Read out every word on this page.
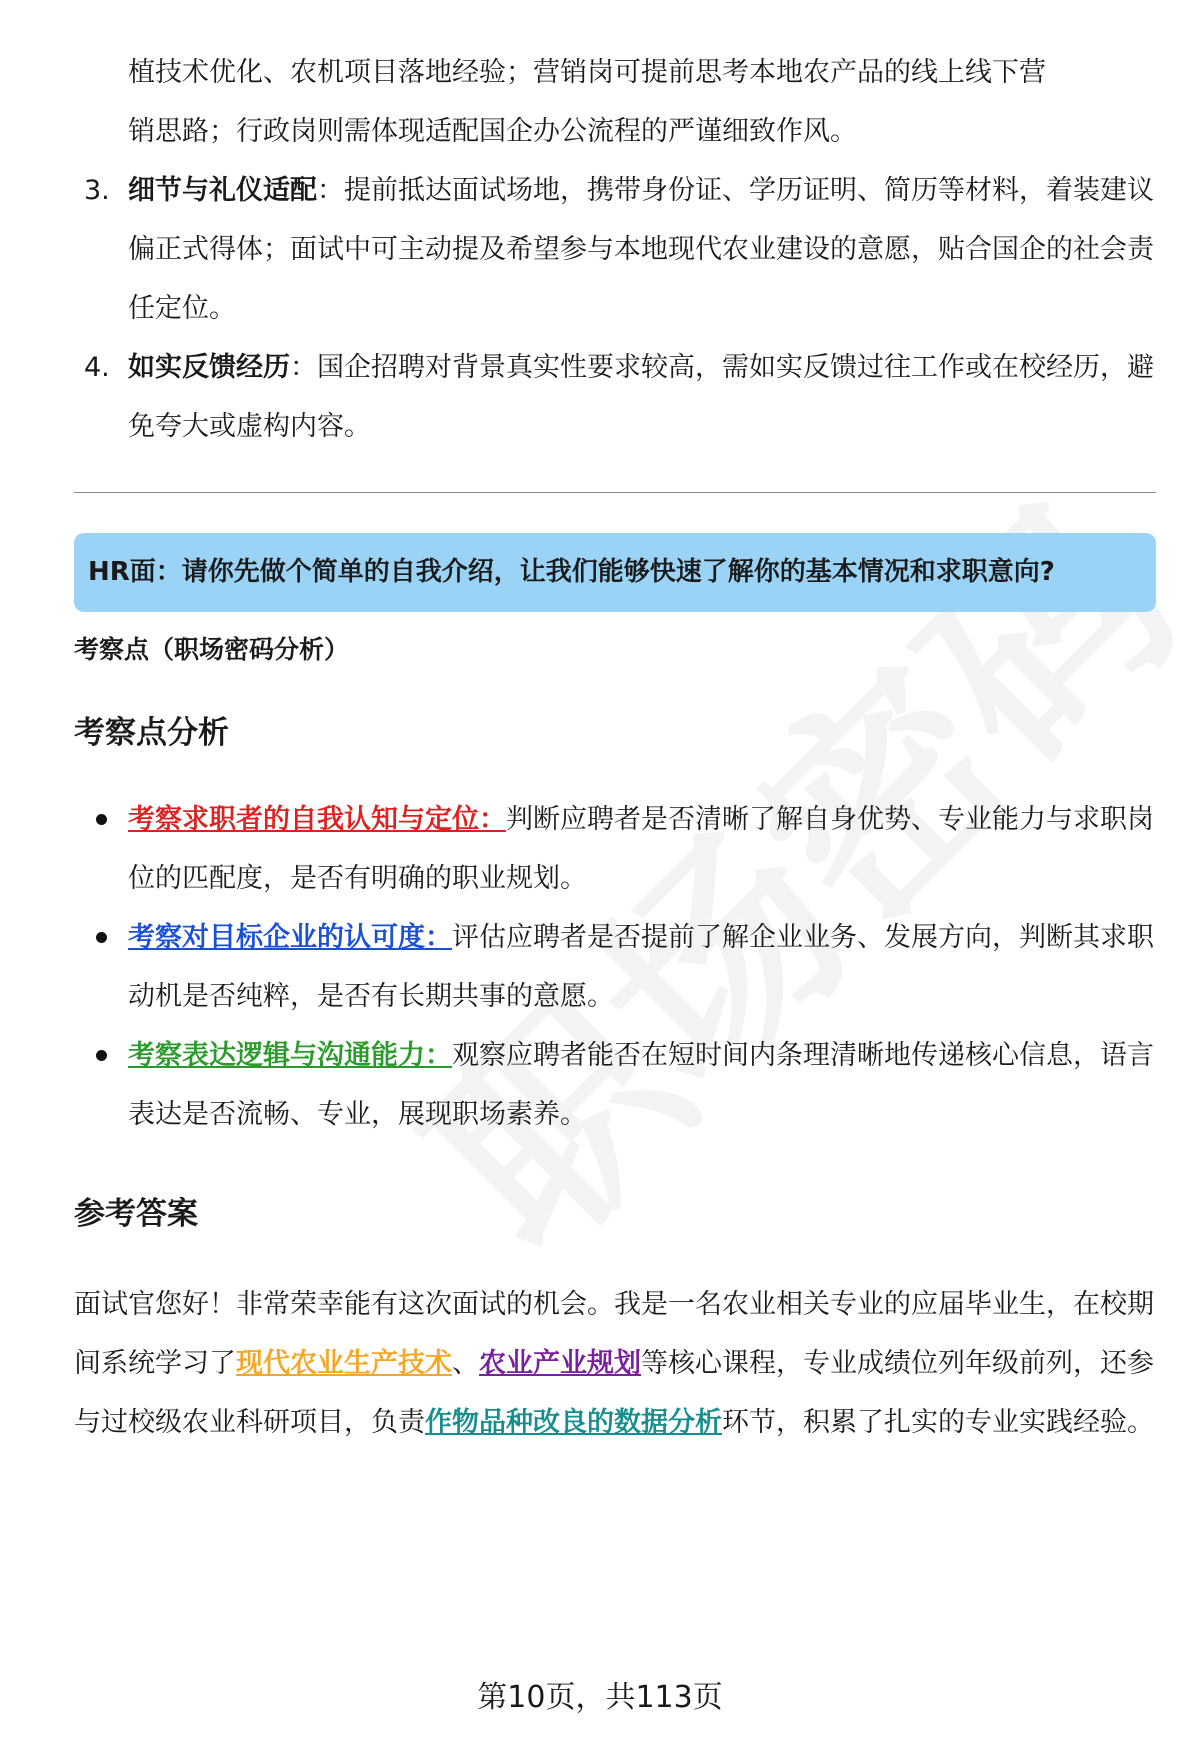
植技术优化、农机项目落地经验；营销岗可提前思考本地农产品的线上线下营
销思路；行政岗则需体现适配国企办公流程的严谨细致作风。
3. 细节与礼仪适配：提前抵达面试场地，携带身份证、学历证明、简历等材料，着装建议偏正式得体；面试中可主动提及希望参与本地现代农业建设的意愿，贴合国企的社会责任定位。
4. 如实反馈经历：国企招聘对背景真实性要求较高，需如实反馈过往工作或在校经历，避免夸大或虚构内容。
HR面：请你先做个简单的自我介绍，让我们能够快速了解你的基本情况和求职意向?
考察点（职场密码分析）
考察点分析
考察求职者的自我认知与定位：判断应聘者是否清晰了解自身优势、专业能力与求职岗位的匹配度，是否有明确的职业规划。
考察对目标企业的认可度：评估应聘者是否提前了解企业业务、发展方向，判断其求职动机是否纯粹，是否有长期共事的意愿。
考察表达逻辑与沟通能力：观察应聘者能否在短时间内条理清晰地传递核心信息，语言表达是否流畅、专业，展现职场素养。
参考答案
面试官您好！非常荣幸能有这次面试的机会。我是一名农业相关专业的应届毕业生，在校期间系统学习了现代农业生产技术、农业产业规划等核心课程，专业成绩位列年级前列，还参与过校级农业科研项目，负责作物品种改良的数据分析环节，积累了扎实的专业实践经验。
第10页，共113页
